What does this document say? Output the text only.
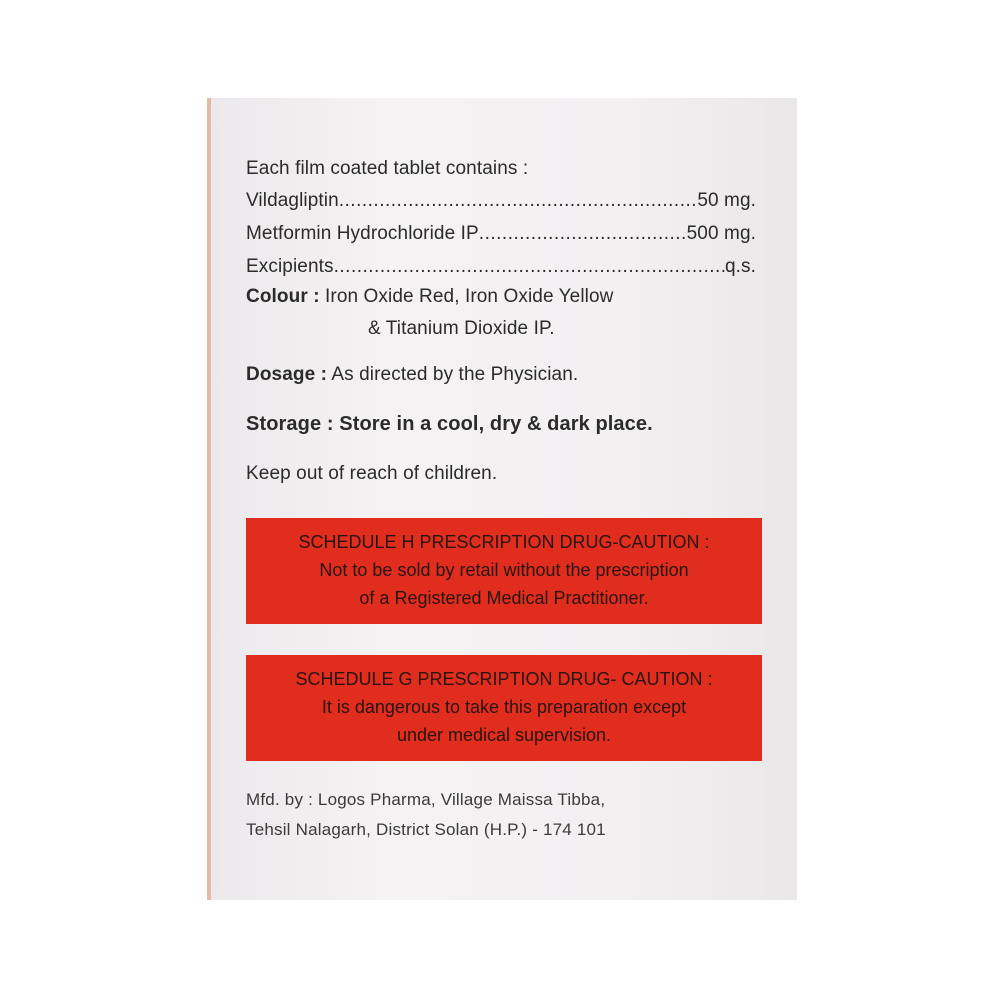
Each film coated tablet contains :
Vildagliptin .....	50 mg.
Metformin Hydrochloride IP .....	500 mg.
Excipients .....	q.s.
Colour : Iron Oxide Red, Iron Oxide Yellow
& Titanium Dioxide IP.
Dosage : As directed by the Physician.
Storage : Store in a cool, dry & dark place.
Keep out of reach of children.
SCHEDULE H PRESCRIPTION DRUG-CAUTION :
Not to be sold by retail without the prescription
of a Registered Medical Practitioner.
SCHEDULE G PRESCRIPTION DRUG- CAUTION :
It is dangerous to take this preparation except
under medical supervision.
Mfd. by : Logos Pharma, Village Maissa Tibba,
Tehsil Nalagarh, District Solan (H.P.) - 174 101
